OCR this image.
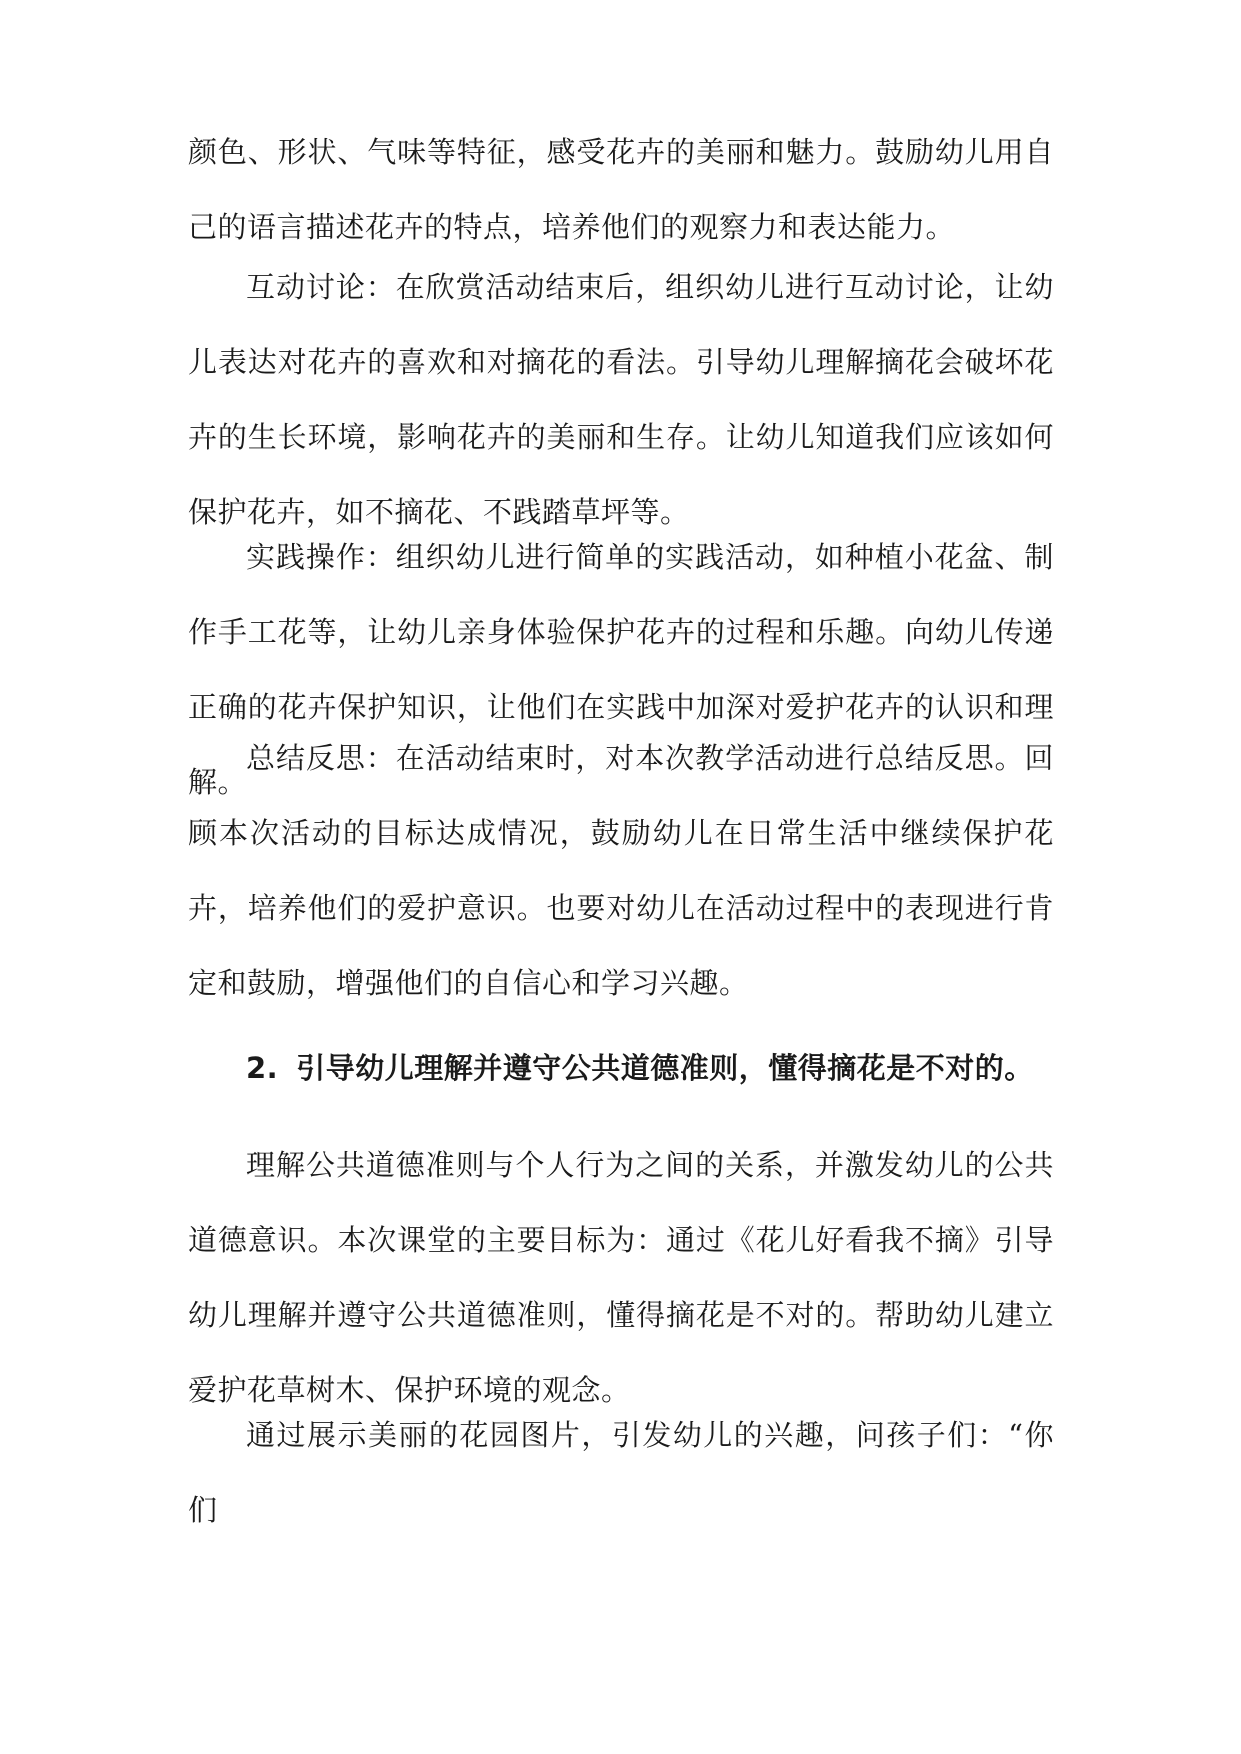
颜色、形状、气味等特征，感受花卉的美丽和魅力。鼓励幼儿用自己的语言描述花卉的特点，培养他们的观察力和表达能力。

互动讨论：在欣赏活动结束后，组织幼儿进行互动讨论，让幼儿表达对花卉的喜欢和对摘花的看法。引导幼儿理解摘花会破坏花卉的生长环境，影响花卉的美丽和生存。让幼儿知道我们应该如何保护花卉，如不摘花、不践踏草坪等。

实践操作：组织幼儿进行简单的实践活动，如种植小花盆、制作手工花等，让幼儿亲身体验保护花卉的过程和乐趣。向幼儿传递正确的花卉保护知识，让他们在实践中加深对爱护花卉的认识和理解。

总结反思：在活动结束时，对本次教学活动进行总结反思。回顾本次活动的目标达成情况，鼓励幼儿在日常生活中继续保护花卉，培养他们的爱护意识。也要对幼儿在活动过程中的表现进行肯定和鼓励，增强他们的自信心和学习兴趣。

2. 引导幼儿理解并遵守公共道德准则，懂得摘花是不对的。

理解公共道德准则与个人行为之间的关系，并激发幼儿的公共道德意识。本次课堂的主要目标为：通过《花儿好看我不摘》引导幼儿理解并遵守公共道德准则，懂得摘花是不对的。帮助幼儿建立爱护花草树木、保护环境的观念。

通过展示美丽的花园图片，引发幼儿的兴趣，问孩子们：“你们
